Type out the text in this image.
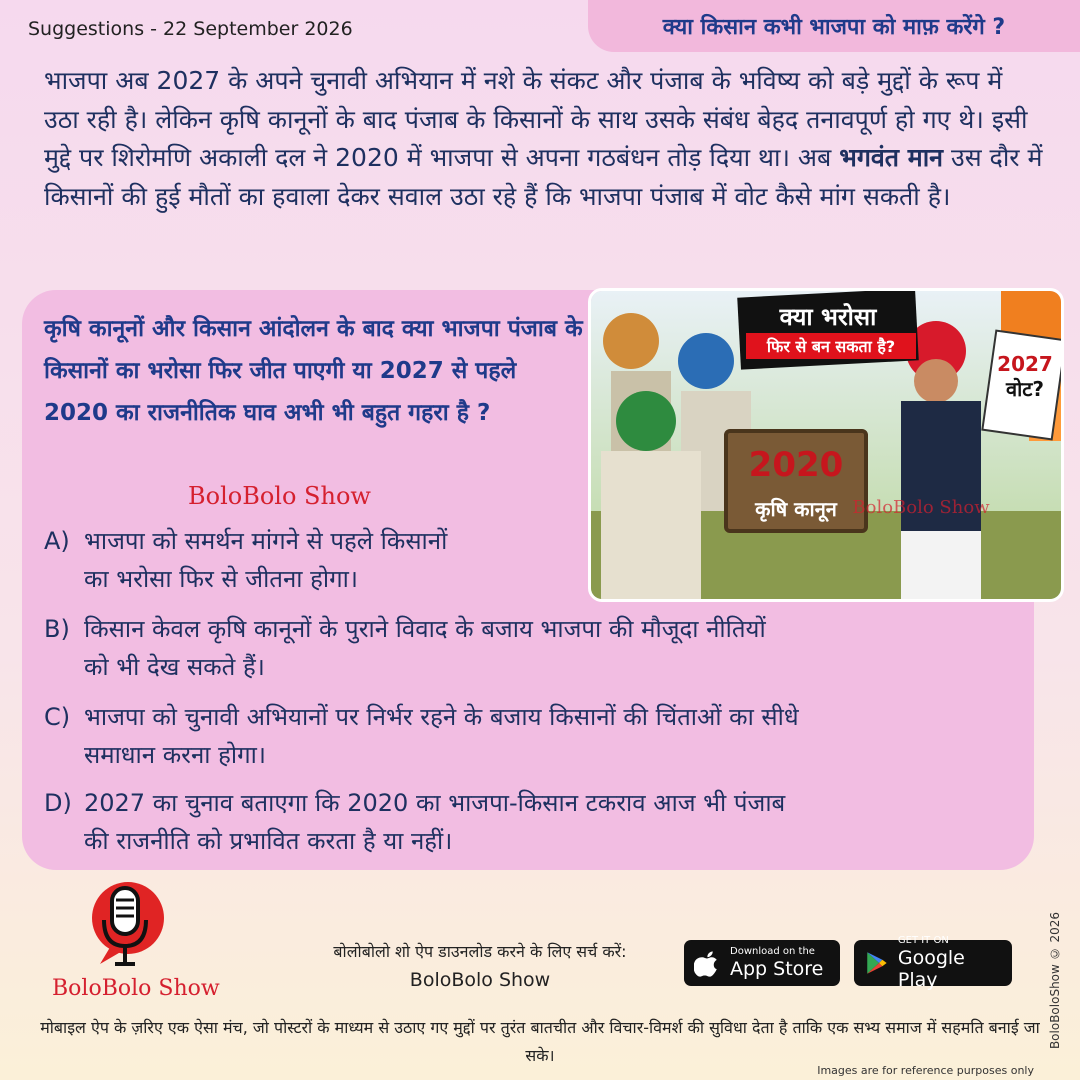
Suggestions - 22 September 2026	क्या किसान कभी भाजपा को माफ़ करेंगे ?
भाजपा अब 2027 के अपने चुनावी अभियान में नशे के संकट और पंजाब के भविष्य को बड़े मुद्दों के रूप में उठा रही है। लेकिन कृषि कानूनों के बाद पंजाब के किसानों के साथ उसके संबंध बेहद तनावपूर्ण हो गए थे। इसी मुद्दे पर शिरोमणि अकाली दल ने 2020 में भाजपा से अपना गठबंधन तोड़ दिया था। अब भगवंत मान उस दौर में किसानों की हुई मौतों का हवाला देकर सवाल उठा रहे हैं कि भाजपा पंजाब में वोट कैसे मांग सकती है।
कृषि कानूनों और किसान आंदोलन के बाद क्या भाजपा पंजाब के किसानों का भरोसा फिर जीत पाएगी या 2027 से पहले 2020 का राजनीतिक घाव अभी भी बहुत गहरा है ?
BoloBolo Show
A) भाजपा को समर्थन मांगने से पहले किसानों
का भरोसा फिर से जीतना होगा।
B) किसान केवल कृषि कानूनों के पुराने विवाद के बजाय भाजपा की मौजूदा नीतियों
को भी देख सकते हैं।
C) भाजपा को चुनावी अभियानों पर निर्भर रहने के बजाय किसानों की चिंताओं का सीधे
समाधान करना होगा।
D) 2027 का चुनाव बताएगा कि 2020 का भाजपा-किसान टकराव आज भी पंजाब
की राजनीति को प्रभावित करता है या नहीं।
2020
कृषि कानून
क्या भरोसा
फिर से बन सकता है?
2027
वोट?
BoloBolo Show
BoloBolo Show
बोलोबोलो शो ऐप डाउनलोड करने के लिए सर्च करें:
BoloBolo Show
Download on the
App Store
GET IT ON
Google Play
मोबाइल ऐप के ज़रिए एक ऐसा मंच, जो पोस्टरों के माध्यम से उठाए गए मुद्दों पर तुरंत बातचीत और विचार-विमर्श की सुविधा देता है ताकि एक सभ्य समाज में सहमति बनाई जा सके।
Images are for reference purposes only
BoloBoloShow © 2026
